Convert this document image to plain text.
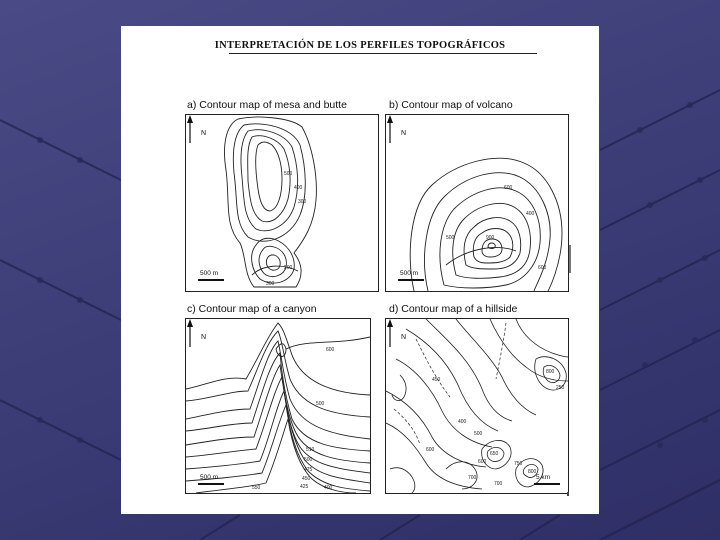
INTERPRETACIÓN DE LOS PERFILES TOPOGRÁFICOS
a) Contour map of mesa and butte
N
500 m
500
400
300
200
300
b) Contour map of volcano
N
500 m
600
400
500	900
600
c) Contour map of a canyon
N
500 m
600
500
510
500
475
450
425	400
550
d) Contour map of a hillside
N
5 km
450
400
500
600
650
700
750
800
800
600
250
700
